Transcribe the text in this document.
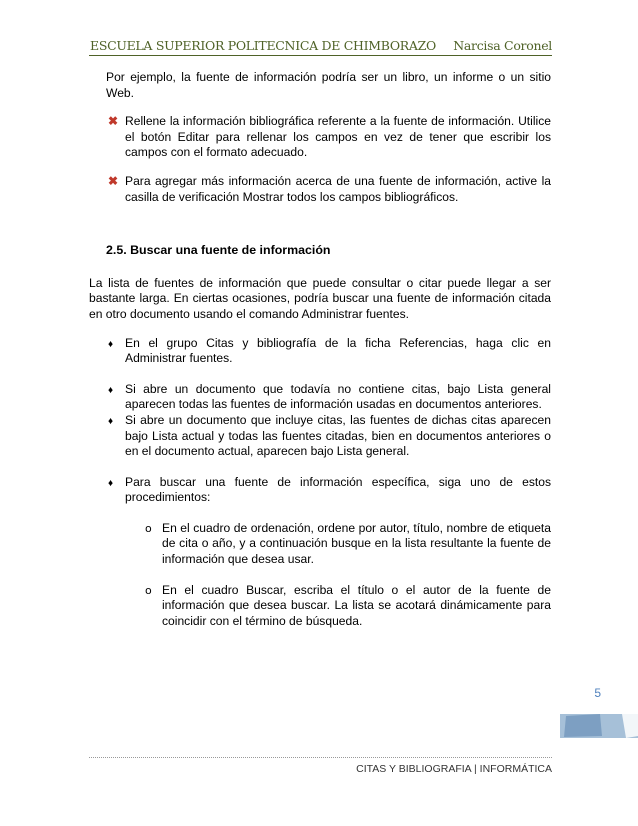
ESCUELA SUPERIOR POLITECNICA DE CHIMBORAZO Narcisa Coronel

Por ejemplo, la fuente de información podría ser un libro, un informe o un sitio Web.

✖ Rellene la información bibliográfica referente a la fuente de información. Utilice el botón Editar para rellenar los campos en vez de tener que escribir los campos con el formato adecuado.

✖ Para agregar más información acerca de una fuente de información, active la casilla de verificación Mostrar todos los campos bibliográficos.

2.5. Buscar una fuente de información

La lista de fuentes de información que puede consultar o citar puede llegar a ser bastante larga. En ciertas ocasiones, podría buscar una fuente de información citada en otro documento usando el comando Administrar fuentes.

♦ En el grupo Citas y bibliografía de la ficha Referencias, haga clic en Administrar fuentes.

♦ Si abre un documento que todavía no contiene citas, bajo Lista general aparecen todas las fuentes de información usadas en documentos anteriores.

♦ Si abre un documento que incluye citas, las fuentes de dichas citas aparecen bajo Lista actual y todas las fuentes citadas, bien en documentos anteriores o en el documento actual, aparecen bajo Lista general.

♦ Para buscar una fuente de información específica, siga uno de estos procedimientos:

o En el cuadro de ordenación, ordene por autor, título, nombre de etiqueta de cita o año, y a continuación busque en la lista resultante la fuente de información que desea usar.

o En el cuadro Buscar, escriba el título o el autor de la fuente de información que desea buscar. La lista se acotará dinámicamente para coincidir con el término de búsqueda.

5
CITAS Y BIBLIOGRAFIA | INFORMÁTICA
